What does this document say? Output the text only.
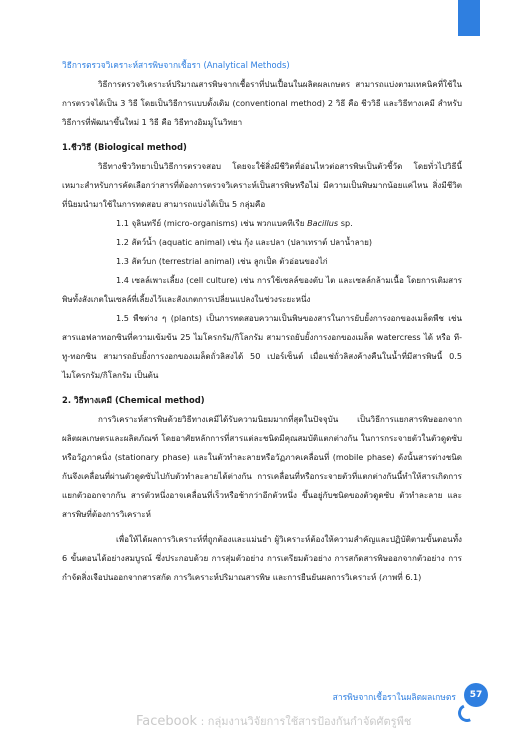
วิธีการตรวจวิเคราะห์สารพิษจากเชื้อรา (Analytical Methods)

วิธีการตรวจวิเคราะห์ปริมาณสารพิษจากเชื้อราที่ปนเปื้อนในผลิตผลเกษตร สามารถแบ่งตามเทคนิคที่ใช้ในการตรวจได้เป็น 3 วิธี โดยเป็นวิธีการแบบดั้งเดิม (conventional method) 2 วิธี คือ ชีววิธี และวิธีทางเคมี สำหรับวิธีการที่พัฒนาขึ้นใหม่ 1 วิธี คือ วิธีทางอิมมูโนวิทยา

1.ชีววิธี (Biological method)

วิธีทางชีววิทยาเป็นวิธีการตรวจสอบ โดยจะใช้สิ่งมีชีวิตที่อ่อนไหวต่อสารพิษเป็นตัวชี้วัด โดยทั่วไปวิธีนี้เหมาะสำหรับการคัดเลือกว่าสารที่ต้องการตรวจวิเคราะห์เป็นสารพิษหรือไม่ มีความเป็นพิษมากน้อยแค่ไหน สิ่งมีชีวิตที่นิยมนำมาใช้ในการทดสอบ สามารถแบ่งได้เป็น 5 กลุ่มคือ

1.1 จุลินทรีย์ (micro-organisms) เช่น พวกแบคทีเรีย Bacillus sp.

1.2 สัตว์น้ำ (aquatic animal) เช่น กุ้ง และปลา (ปลาเทราต์ ปลาน้ำลาย)

1.3 สัตว์บก (terrestrial animal) เช่น ลูกเป็ด ตัวอ่อนของไก่

1.4 เซลล์เพาะเลี้ยง (cell culture) เช่น การใช้เซลล์ของตับ ไต และเซลล์กล้ามเนื้อ โดยการเติมสารพิษทั้งสังเกตในเซลล์ที่เลี้ยงไว้และสังเกตการเปลี่ยนแปลงในช่วงระยะหนึ่ง

1.5 พืชต่าง ๆ (plants) เป็นการทดสอบความเป็นพิษของสารในการยับยั้งการงอกของเมล็ดพืช เช่น สารแอฟลาทอกซินที่ความเข้มข้น 25 ไมโครกรัม/กิโลกรัม สามารถยับยั้งการงอกของเมล็ด watercress ได้ หรือ ที-ทู-ทอกซิน สามารถยับยั้งการงอกของเมล็ดถั่วลิสงได้ 50 เปอร์เซ็นต์ เมื่อแช่ถั่วลิสงค้างคืนในน้ำที่มีสารพิษนี้ 0.5 ไมโครกรัม/กิโลกรัม เป็นต้น

2. วิธีทางเคมี (Chemical method)

การวิเคราะห์สารพิษด้วยวิธีทางเคมีได้รับความนิยมมากที่สุดในปัจจุบัน เป็นวิธีการแยกสารพิษออกจากผลิตผลเกษตรและผลิตภัณฑ์ โดยอาศัยหลักการที่สารแต่ละชนิดมีคุณสมบัติแตกต่างกัน ในการกระจายตัวในตัวดูดซับหรือวัฏภาคนิ่ง (stationary phase) และในตัวทำละลายหรือวัฏภาคเคลื่อนที่ (mobile phase) ดังนั้นสารต่างชนิดกันจึงเคลื่อนที่ผ่านตัวดูดซับไปกับตัวทำละลายได้ต่างกัน การเคลื่อนที่หรือกระจายตัวที่แตกต่างกันนี้ทำให้สารเกิดการแยกตัวออกจากกัน สารตัวหนึ่งอาจเคลื่อนที่เร็วหรือช้ากว่าอีกตัวหนึ่ง ขึ้นอยู่กับชนิดของตัวดูดซับ ตัวทำละลาย และสารพิษที่ต้องการวิเคราะห์

เพื่อให้ได้ผลการวิเคราะห์ที่ถูกต้องและแม่นยำ ผู้วิเคราะห์ต้องให้ความสำคัญและปฏิบัติตามขั้นตอนทั้ง 6 ขั้นตอนได้อย่างสมบูรณ์ ซึ่งประกอบด้วย การสุ่มตัวอย่าง การเตรียมตัวอย่าง การสกัดสารพิษออกจากตัวอย่าง การกำจัดสิ่งเจือปนออกจากสารสกัด การวิเคราะห์ปริมาณสารพิษ และการยืนยันผลการวิเคราะห์ (ภาพที่ 6.1)

สารพิษจากเชื้อราในผลิตผลเกษตร	57
Facebook : กลุ่มงานวิจัยการใช้สารป้องกันกำจัดศัตรูพืช
